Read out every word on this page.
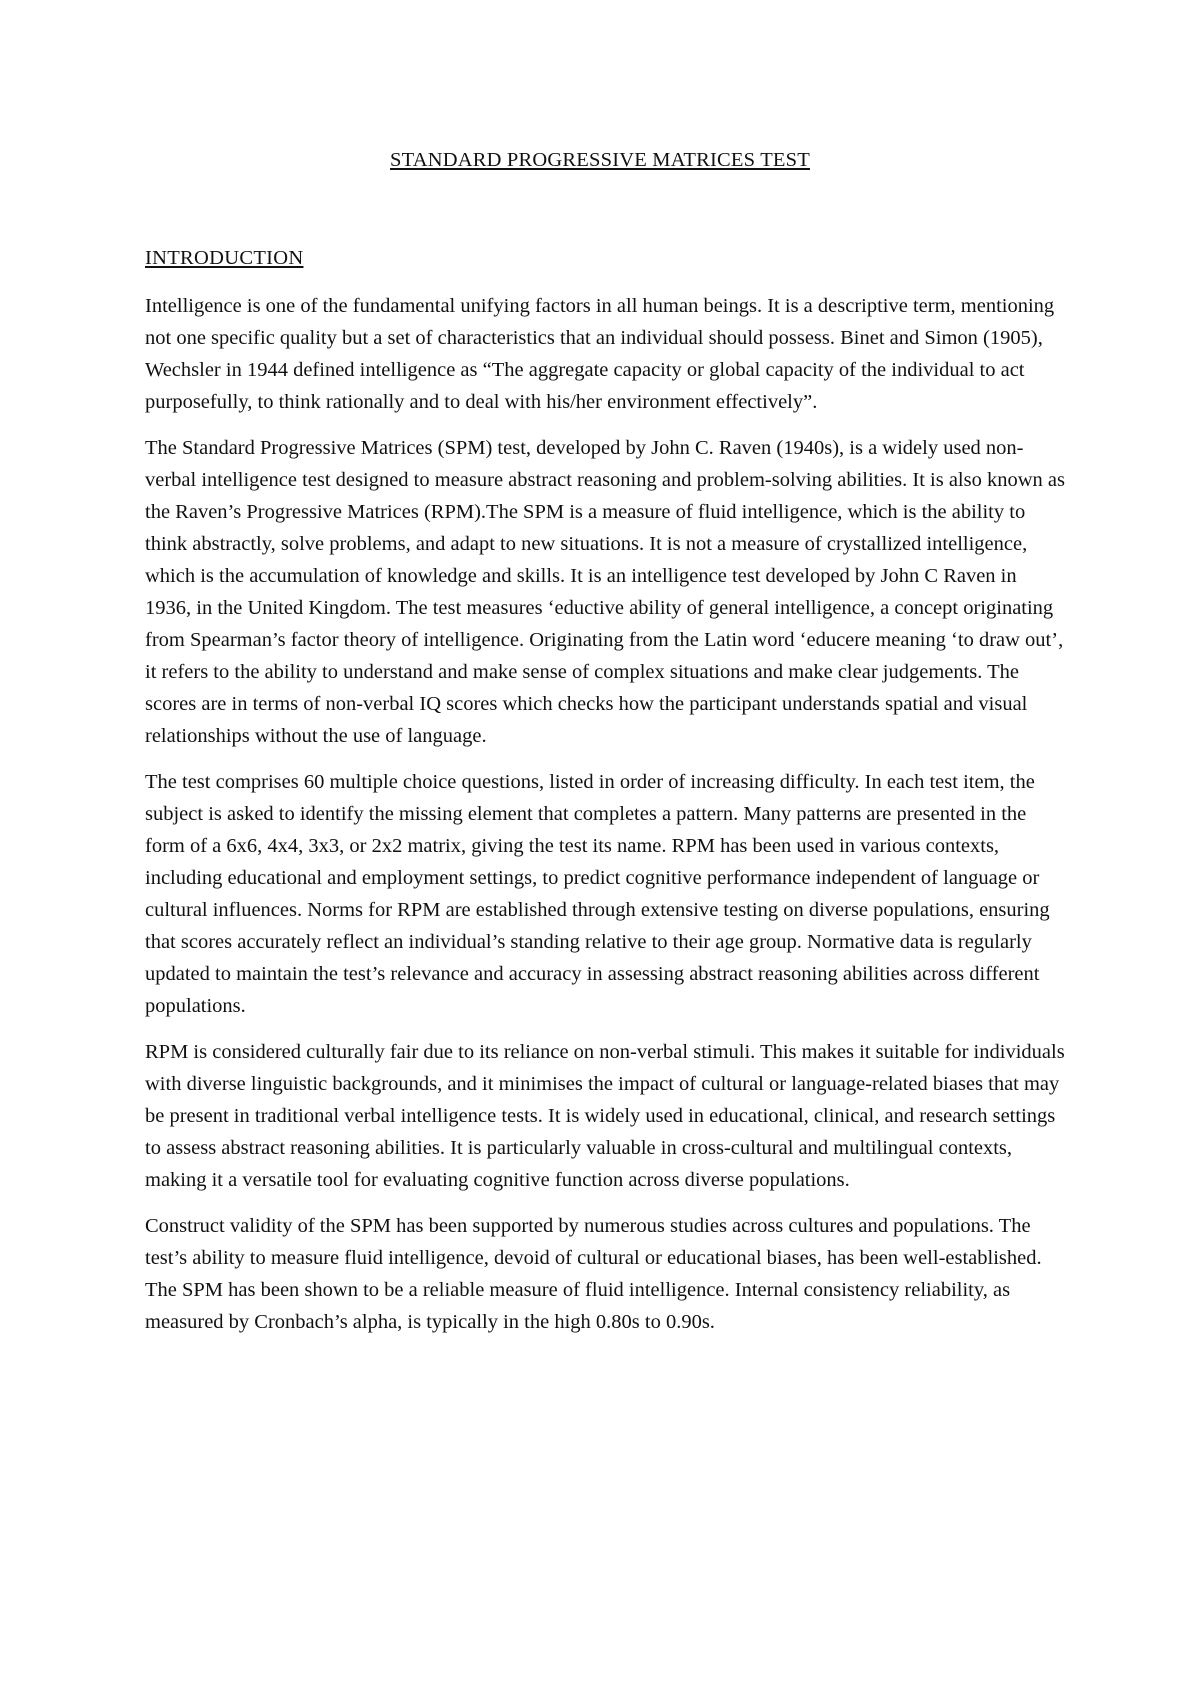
STANDARD PROGRESSIVE MATRICES TEST
INTRODUCTION

Intelligence is one of the fundamental unifying factors in all human beings. It is a descriptive term, mentioning not one specific quality but a set of characteristics that an individual should possess. Binet and Simon (1905), Wechsler in 1944 defined intelligence as “The aggregate capacity or global capacity of the individual to act purposefully, to think rationally and to deal with his/her environment effectively”.

The Standard Progressive Matrices (SPM) test, developed by John C. Raven (1940s), is a widely used non-verbal intelligence test designed to measure abstract reasoning and problem-solving abilities. It is also known as the Raven’s Progressive Matrices (RPM).The SPM is a measure of fluid intelligence, which is the ability to think abstractly, solve problems, and adapt to new situations. It is not a measure of crystallized intelligence, which is the accumulation of knowledge and skills. It is an intelligence test developed by John C Raven in 1936, in the United Kingdom. The test measures ‘eductive ability of general intelligence, a concept originating from Spearman’s factor theory of intelligence. Originating from the Latin word ‘educere meaning ‘to draw out’, it refers to the ability to understand and make sense of complex situations and make clear judgements. The scores are in terms of non-verbal IQ scores which checks how the participant understands spatial and visual relationships without the use of language.

The test comprises 60 multiple choice questions, listed in order of increasing difficulty. In each test item, the subject is asked to identify the missing element that completes a pattern. Many patterns are presented in the form of a 6x6, 4x4, 3x3, or 2x2 matrix, giving the test its name. RPM has been used in various contexts, including educational and employment settings, to predict cognitive performance independent of language or cultural influences. Norms for RPM are established through extensive testing on diverse populations, ensuring that scores accurately reflect an individual’s standing relative to their age group. Normative data is regularly updated to maintain the test’s relevance and accuracy in assessing abstract reasoning abilities across different populations.

RPM is considered culturally fair due to its reliance on non-verbal stimuli. This makes it suitable for individuals with diverse linguistic backgrounds, and it minimises the impact of cultural or language-related biases that may be present in traditional verbal intelligence tests. It is widely used in educational, clinical, and research settings to assess abstract reasoning abilities. It is particularly valuable in cross-cultural and multilingual contexts, making it a versatile tool for evaluating cognitive function across diverse populations.

Construct validity of the SPM has been supported by numerous studies across cultures and populations. The test’s ability to measure fluid intelligence, devoid of cultural or educational biases, has been well-established. The SPM has been shown to be a reliable measure of fluid intelligence. Internal consistency reliability, as measured by Cronbach’s alpha, is typically in the high 0.80s to 0.90s.
